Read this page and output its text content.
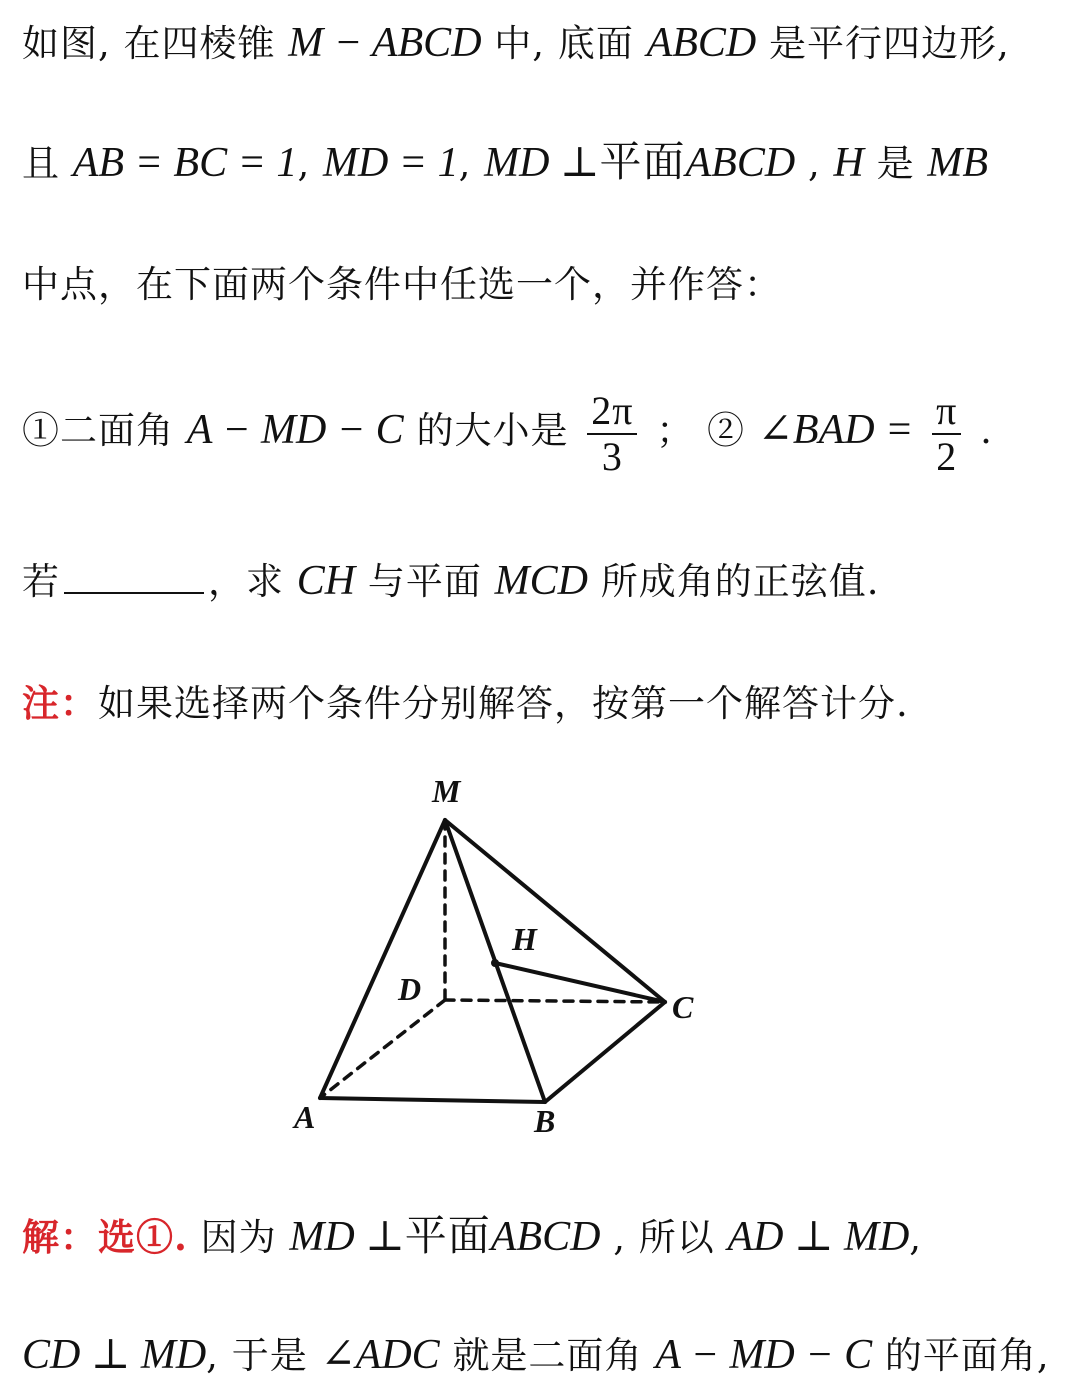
如图, 在四棱锥 M − ABCD 中, 底面 ABCD 是平行四边形,
且 AB = BC = 1, MD = 1, MD ⊥平面ABCD , H 是 MB
中点，在下面两个条件中任选一个，并作答：
①二面角 A − MD − C 的大小是 $\frac{2\pi}{3}$ ； ② ∠BAD = $\frac{\pi}{2}$ .
若	，求 CH 与平面 MCD 所成角的正弦值.
注：如果选择两个条件分别解答，按第一个解答计分.
M
H
D	C
A	B
解：选①. 因为 MD ⊥平面ABCD , 所以 AD ⊥ MD,
CD ⊥ MD, 于是 ∠ADC 就是二面角 A − MD − C 的平面角,
